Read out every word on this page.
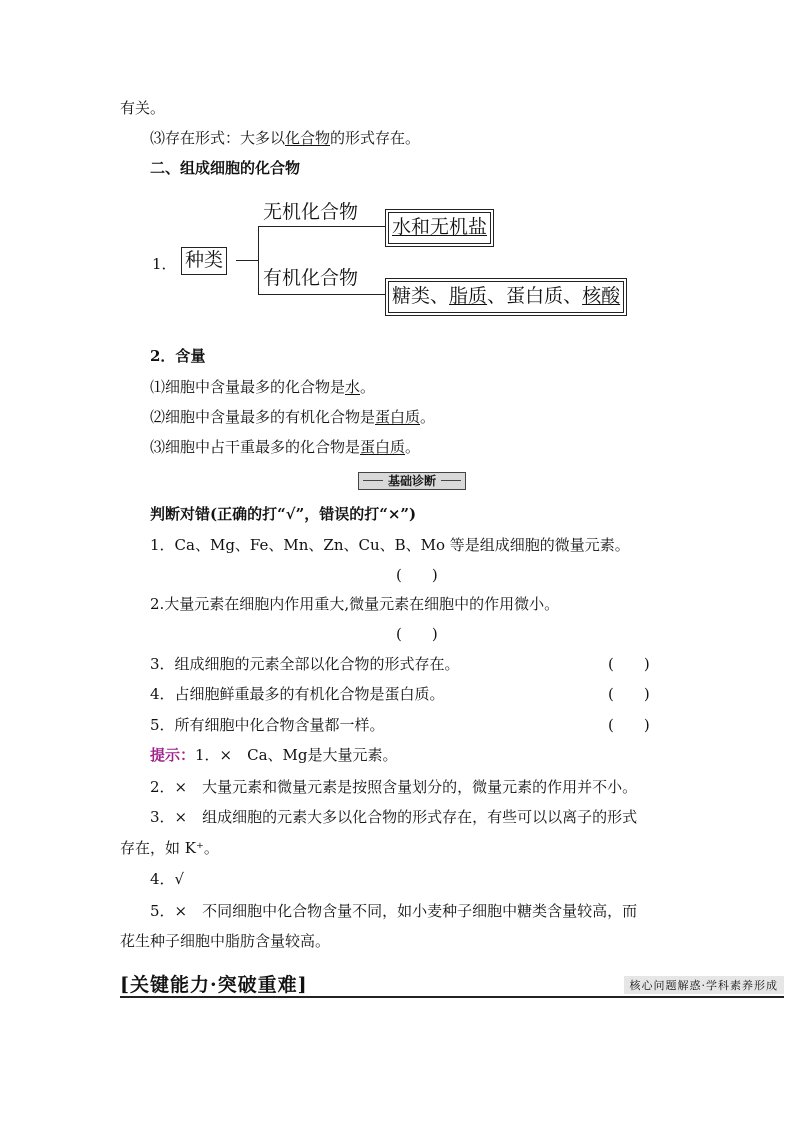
有关。
⑶存在形式：大多以化合物的形式存在。
二、组成细胞的化合物
1． 种类
无机化合物
有机化合物
水和无机盐
糖类、脂质、蛋白质、核酸
2．含量
⑴细胞中含量最多的化合物是水。
⑵细胞中含量最多的有机化合物是蛋白质。
⑶细胞中占干重最多的化合物是蛋白质。
基础诊断
判断对错(正确的打“√”，错误的打“×”)
1．Ca、Mg、Fe、Mn、Zn、Cu、B、Mo 等是组成细胞的微量元素。
(　　)
2.大量元素在细胞内作用重大,微量元素在细胞中的作用微小。
(　　)
3．组成细胞的元素全部以化合物的形式存在。	(　　)
4．占细胞鲜重最多的有机化合物是蛋白质。	(　　)
5．所有细胞中化合物含量都一样。	(　　)
提示：1．×　Ca、Mg是大量元素。
2．×　大量元素和微量元素是按照含量划分的，微量元素的作用并不小。
3．×　组成细胞的元素大多以化合物的形式存在，有些可以以离子的形式
存在，如 K⁺。
4．√
5．×　不同细胞中化合物含量不同，如小麦种子细胞中糖类含量较高，而
花生种子细胞中脂肪含量较高。
[关键能力·突破重难]	核心问题解惑·学科素养形成
